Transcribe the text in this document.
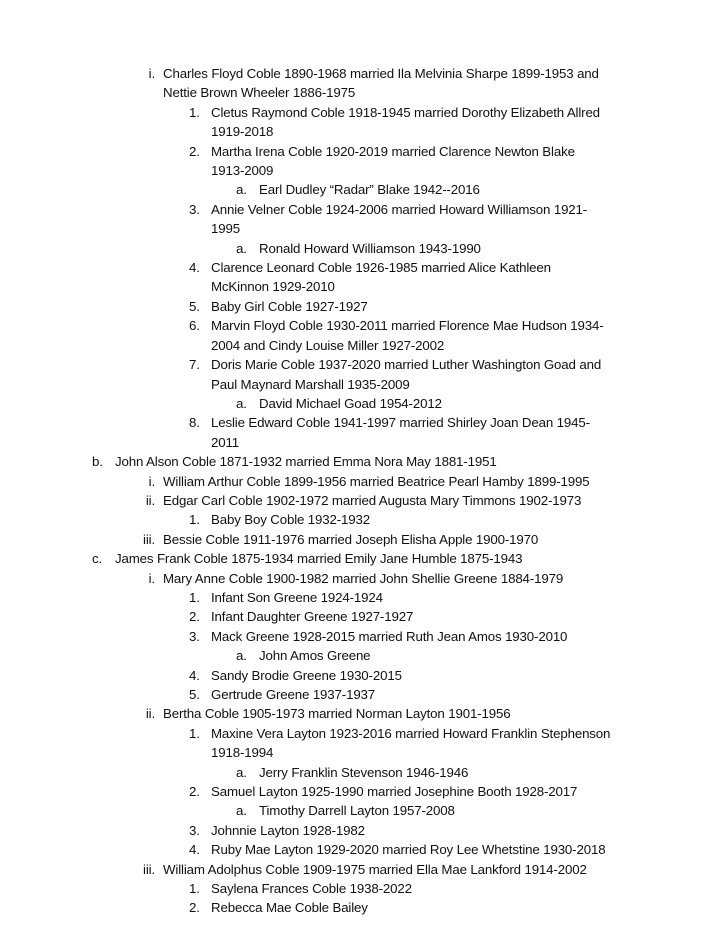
i. Charles Floyd Coble 1890-1968 married Ila Melvinia Sharpe 1899-1953 and
Nettie Brown Wheeler 1886-1975
1. Cletus Raymond Coble 1918-1945 married Dorothy Elizabeth Allred
1919-2018
2. Martha Irena Coble 1920-2019 married Clarence Newton Blake
1913-2009
a. Earl Dudley “Radar” Blake 1942--2016
3. Annie Velner Coble 1924-2006 married Howard Williamson 1921-
1995
a. Ronald Howard Williamson 1943-1990
4. Clarence Leonard Coble 1926-1985 married Alice Kathleen
McKinnon 1929-2010
5. Baby Girl Coble 1927-1927
6. Marvin Floyd Coble 1930-2011 married Florence Mae Hudson 1934-
2004 and Cindy Louise Miller 1927-2002
7. Doris Marie Coble 1937-2020 married Luther Washington Goad and
Paul Maynard Marshall 1935-2009
a. David Michael Goad 1954-2012
8. Leslie Edward Coble 1941-1997 married Shirley Joan Dean 1945-
2011
b. John Alson Coble 1871-1932 married Emma Nora May 1881-1951
i. William Arthur Coble 1899-1956 married Beatrice Pearl Hamby 1899-1995
ii. Edgar Carl Coble 1902-1972 married Augusta Mary Timmons 1902-1973
1. Baby Boy Coble 1932-1932
iii. Bessie Coble 1911-1976 married Joseph Elisha Apple 1900-1970
c. James Frank Coble 1875-1934 married Emily Jane Humble 1875-1943
i. Mary Anne Coble 1900-1982 married John Shellie Greene 1884-1979
1. Infant Son Greene 1924-1924
2. Infant Daughter Greene 1927-1927
3. Mack Greene 1928-2015 married Ruth Jean Amos 1930-2010
a. John Amos Greene
4. Sandy Brodie Greene 1930-2015
5. Gertrude Greene 1937-1937
ii. Bertha Coble 1905-1973 married Norman Layton 1901-1956
1. Maxine Vera Layton 1923-2016 married Howard Franklin Stephenson
1918-1994
a. Jerry Franklin Stevenson 1946-1946
2. Samuel Layton 1925-1990 married Josephine Booth 1928-2017
a. Timothy Darrell Layton 1957-2008
3. Johnnie Layton 1928-1982
4. Ruby Mae Layton 1929-2020 married Roy Lee Whetstine 1930-2018
iii. William Adolphus Coble 1909-1975 married Ella Mae Lankford 1914-2002
1. Saylena Frances Coble 1938-2022
2. Rebecca Mae Coble Bailey
